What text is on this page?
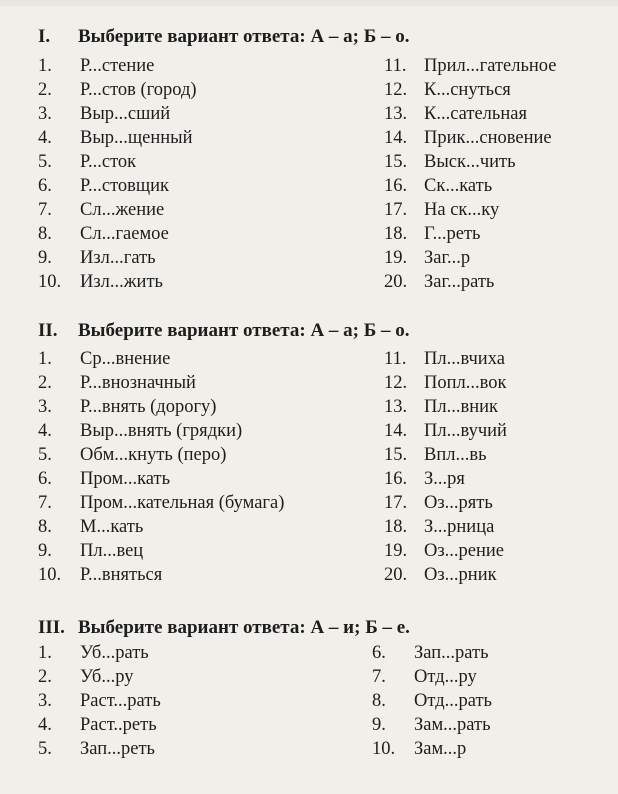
I. Выберите вариант ответа: А – а; Б – о.
1. Р...стение
2. Р...стов (город)
3. Выр...сший
4. Выр...щенный
5. Р...сток
6. Р...стовщик
7. Сл...жение
8. Сл...гаемое
9. Изл...гать
10. Изл...жить
11. Прил...гательное
12. К...снуться
13. К...сательная
14. Прик...сновение
15. Выск...чить
16. Ск...кать
17. На ск...ку
18. Г...реть
19. Заг...р
20. Заг...рать
II. Выберите вариант ответа: А – а; Б – о.
1. Ср...внение
2. Р...внозначный
3. Р...внять (дорогу)
4. Выр...внять (грядки)
5. Обм...кнуть (перо)
6. Пром...кать
7. Пром...кательная (бумага)
8. М...кать
9. Пл...вец
10. Р...вняться
11. Пл...вчиха
12. Попл...вок
13. Пл...вник
14. Пл...вучий
15. Впл...вь
16. З...ря
17. Оз...рять
18. З...рница
19. Оз...рение
20. Оз...рник
III. Выберите вариант ответа: А – и; Б – е.
1. Уб...рать
2. Уб...ру
3. Раст...рать
4. Раст..реть
5. Зап...реть
6. Зап...рать
7. Отд...ру
8. Отд...рать
9. Зам...рать
10. Зам...р
